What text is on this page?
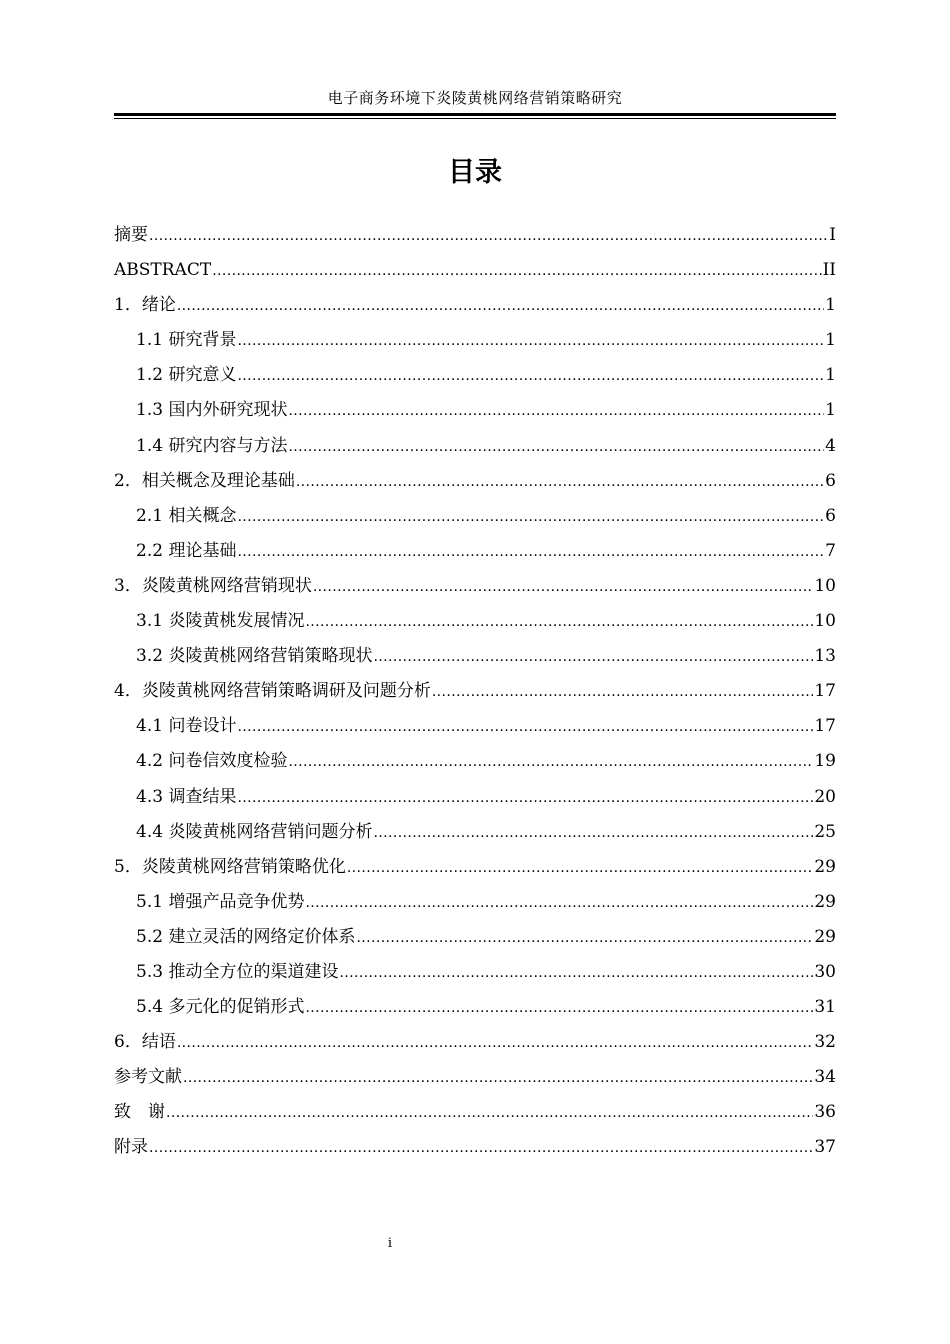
电子商务环境下炎陵黄桃网络营销策略研究
目录
摘要 .....	I
ABSTRACT .....	II
1．绪论 .....	1
1.1 研究背景 .....	1
1.2 研究意义 .....	1
1.3 国内外研究现状 .....	1
1.4 研究内容与方法 .....	4
2．相关概念及理论基础 .....	6
2.1 相关概念 .....	6
2.2 理论基础 .....	7
3．炎陵黄桃网络营销现状 .....	10
3.1 炎陵黄桃发展情况 .....	10
3.2 炎陵黄桃网络营销策略现状 .....	13
4．炎陵黄桃网络营销策略调研及问题分析 .....	17
4.1 问卷设计 .....	17
4.2 问卷信效度检验 .....	19
4.3 调查结果 .....	20
4.4 炎陵黄桃网络营销问题分析 .....	25
5．炎陵黄桃网络营销策略优化 .....	29
5.1 增强产品竞争优势 .....	29
5.2 建立灵活的网络定价体系 .....	29
5.3 推动全方位的渠道建设 .....	30
5.4 多元化的促销形式 .....	31
6．结语 .....	32
参考文献 .....	34
致　谢 .....	36
附录 .....	37
i
